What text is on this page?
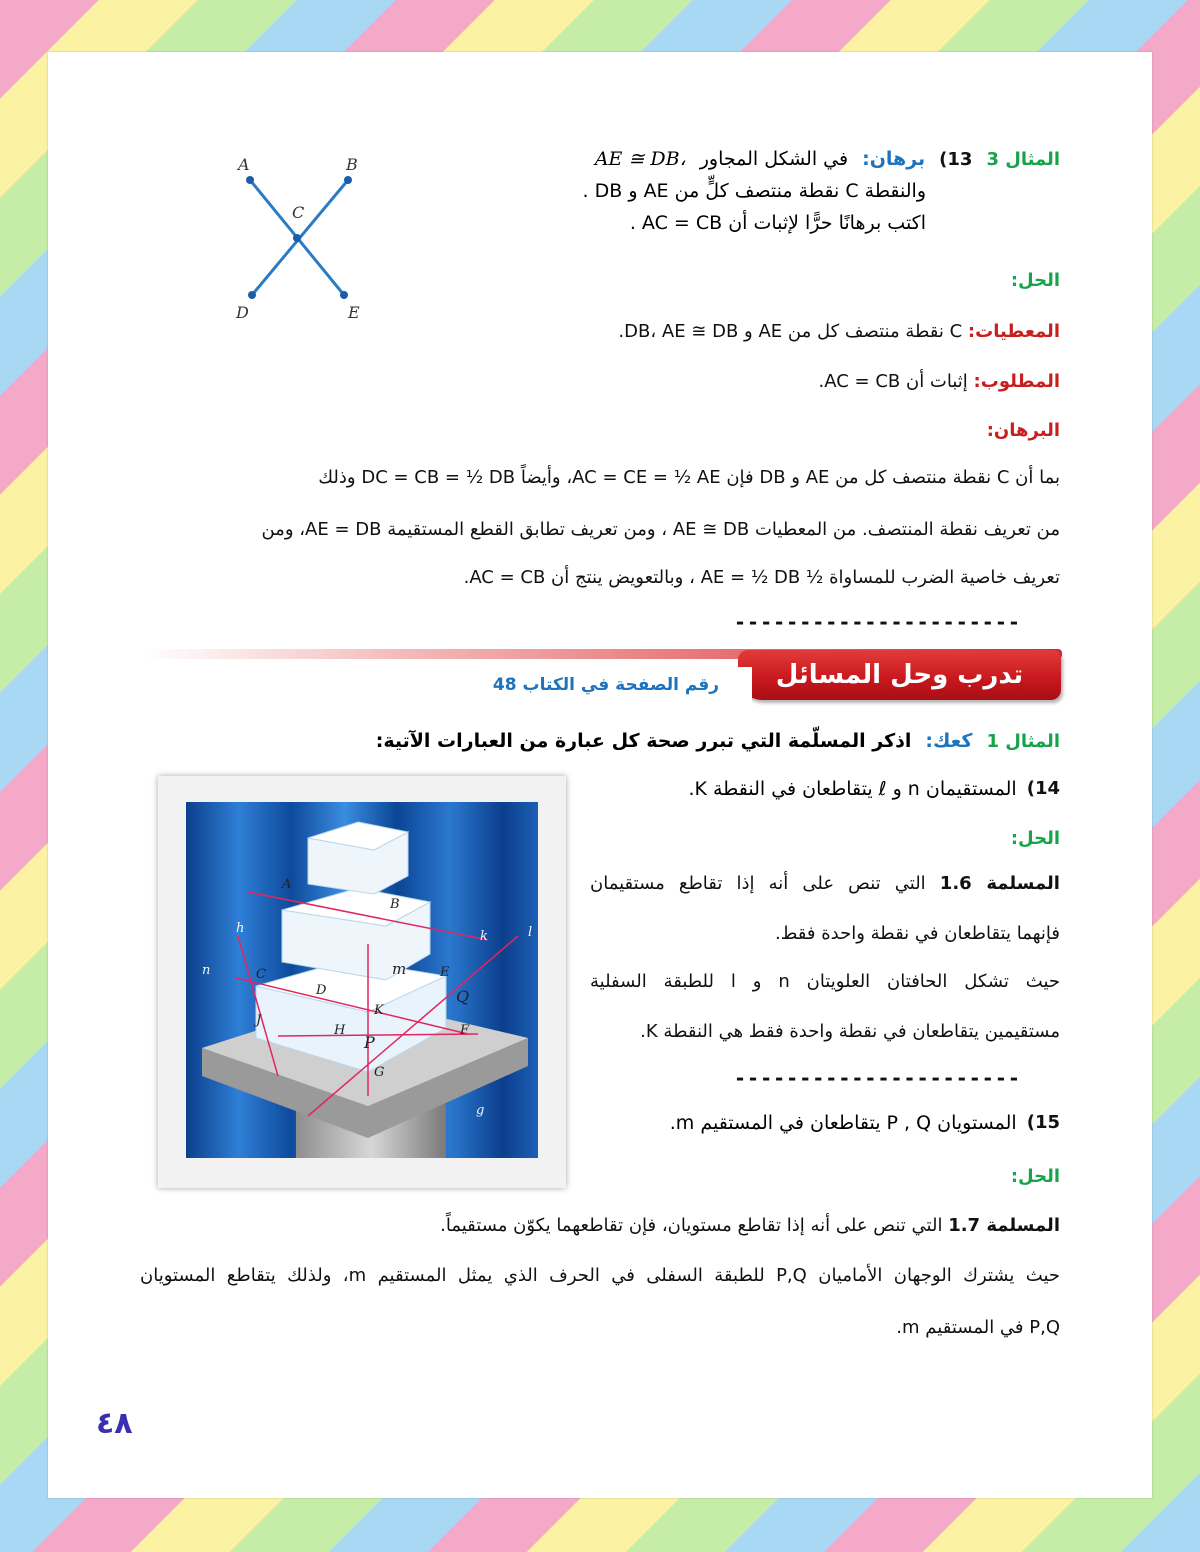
A	B
C
D	E
المثال 3
13)
برهان:
في الشكل المجاور
AE ≅ DB،
والنقطة C نقطة منتصف كلٍّ من AE و DB .
اكتب برهانًا حرًّا لإثبات أن AC = CB .
الحل:
المعطيات: C نقطة منتصف كل من AE و DB، AE ≅ DB.
المطلوب: إثبات أن AC = CB.
البرهان:
بما أن C نقطة منتصف كل من AE و DB فإن AC = CE = ½ AE، وأيضاً DC = CB = ½ DB وذلك
من تعريف نقطة المنتصف. من المعطيات AE ≅ DB ، ومن تعريف تطابق القطع المستقيمة AE = DB، ومن
تعريف خاصية الضرب للمساواة ½ AE = ½ DB ، وبالتعويض ينتج أن AC = CB.
----------------------
تدرب وحل المسائل
رقم الصفحة في الكتاب 48
المثال 1
كعك:
اذكر المسلّمة التي تبرر صحة كل عبارة من العبارات الآتية:
A
B
C
D
E
F
G
H
J
K
Q
P
m
n
h
k	l
g
14)
المستقيمان n و ℓ يتقاطعان في النقطة K.
الحل:
المسلمة 1.6 التي تنص على أنه إذا تقاطع مستقيمان
فإنهما يتقاطعان في نقطة واحدة فقط.
حيث تشكل الحافتان العلويتان n و l للطبقة السفلية
مستقيمين يتقاطعان في نقطة واحدة فقط هي النقطة K.
----------------------
15)
المستويان P , Q يتقاطعان في المستقيم m.
الحل:
المسلمة 1.7 التي تنص على أنه إذا تقاطع مستويان، فإن تقاطعهما يكوّن مستقيماً.
حيث يشترك الوجهان الأماميان P,Q للطبقة السفلى في الحرف الذي يمثل المستقيم m، ولذلك يتقاطع المستويان
P,Q في المستقيم m.
٤٨
